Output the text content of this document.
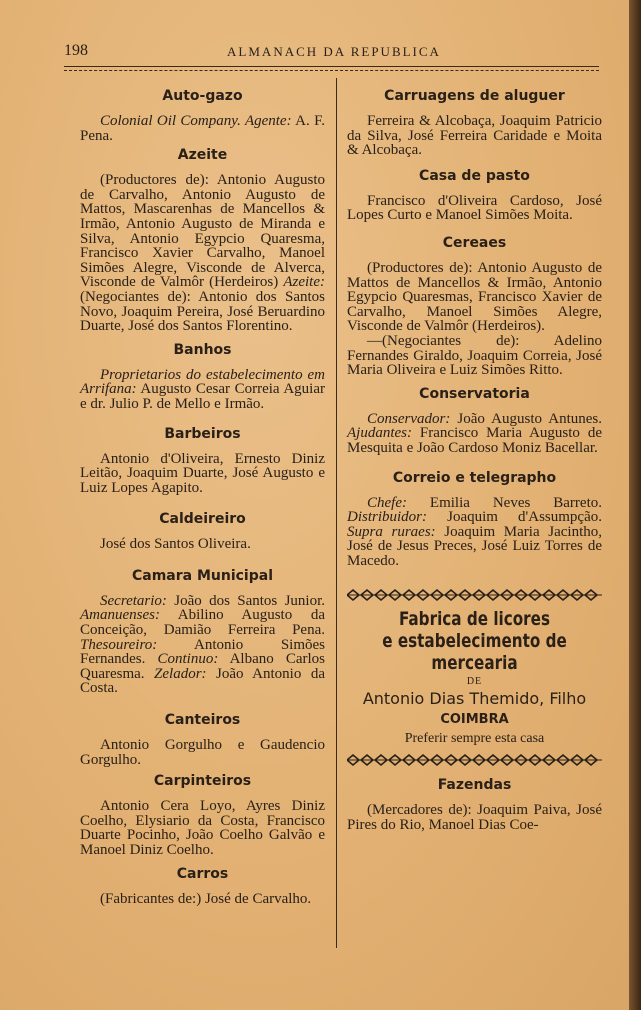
198	ALMANACH DA REPUBLICA
Auto-gazo

Colonial Oil Company. Agente: A. F. Pena.

Azeite

(Productores de): Antonio Augusto de Carvalho, Antonio Augusto de Mattos, Mascarenhas de Mancellos & Irmão, Antonio Augusto de Miranda e Silva, Antonio Egypcio Quaresma, Francisco Xavier Carvalho, Manoel Simões Alegre, Visconde de Alverca, Visconde de Valmôr (Herdeiros) Azeite: (Negociantes de): Antonio dos Santos Novo, Joaquim Pereira, José Beruardino Duarte, José dos Santos Florentino.

Banhos

Proprietarios do estabelecimento em Arrifana: Augusto Cesar Correia Aguiar e dr. Julio P. de Mello e Irmão.

Barbeiros

Antonio d'Oliveira, Ernesto Diniz Leitão, Joaquim Duarte, José Augusto e Luiz Lopes Agapito.

Caldeireiro

José dos Santos Oliveira.

Camara Municipal

Secretario: João dos Santos Junior. Amanuenses: Abilino Augusto da Conceição, Damião Ferreira Pena. Thesoureiro: Antonio Simões Fernandes. Continuo: Albano Carlos Quaresma. Zelador: João Antonio da Costa.

Canteiros

Antonio Gorgulho e Gaudencio Gorgulho.

Carpinteiros

Antonio Cera Loyo, Ayres Diniz Coelho, Elysiario da Costa, Francisco Duarte Pocinho, João Coelho Galvão e Manoel Diniz Coelho.

Carros

(Fabricantes de:) José de Carvalho.

Carruagens de aluguer

Ferreira & Alcobaça, Joaquim Patricio da Silva, José Ferreira Caridade e Moita & Alcobaça.

Casa de pasto

Francisco d'Oliveira Cardoso, José Lopes Curto e Manoel Simões Moita.

Cereaes

(Productores de): Antonio Augusto de Mattos de Mancellos & Irmão, Antonio Egypcio Quaresmas, Francisco Xavier de Carvalho, Manoel Simões Alegre, Visconde de Valmôr (Herdeiros).

—(Negociantes de): Adelino Fernandes Giraldo, Joaquim Correia, José Maria Oliveira e Luiz Simões Ritto.

Conservatoria

Conservador: João Augusto Antunes. Ajudantes: Francisco Maria Augusto de Mesquita e João Cardoso Moniz Bacellar.

Correio e telegrapho

Chefe: Emilia Neves Barreto. Distribuidor: Joaquim d'Assumpção. Supra ruraes: Joaquim Maria Jacintho, José de Jesus Preces, José Luiz Torres de Macedo.

Fabrica de licores

e estabelecimento de mercearia

DE

Antonio Dias Themido, Filho

COIMBRA

Preferir sempre esta casa

Fazendas

(Mercadores de): Joaquim Paiva, José Pires do Rio, Manoel Dias Coe-
